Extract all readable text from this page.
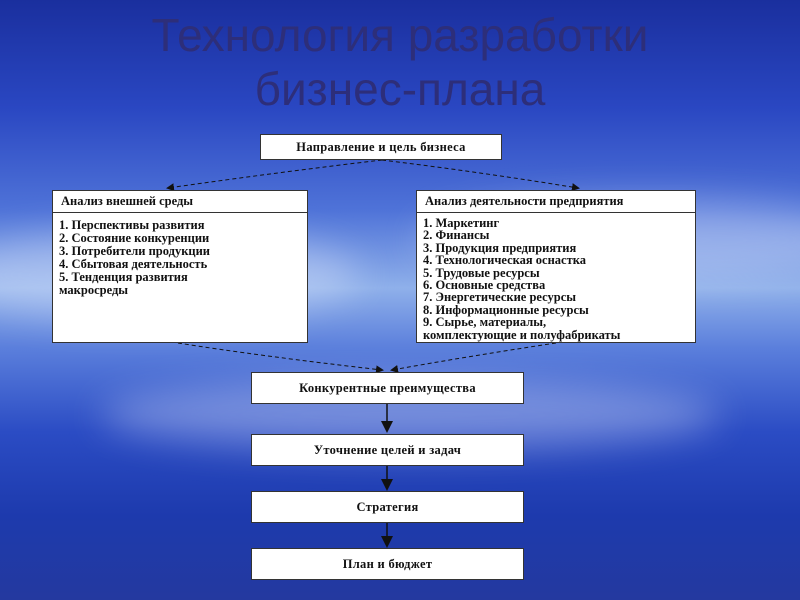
Технология разработки
бизнес-плана
Направление и цель бизнеса
Анализ внешней среды
1. Перспективы развития
2. Состояние конкуренции
3. Потребители продукции
4. Сбытовая деятельность
5. Тенденция развития
макросреды
Анализ деятельности предприятия
1. Маркетинг
2. Финансы
3. Продукция предприятия
4. Технологическая оснастка
5. Трудовые ресурсы
6. Основные средства
7. Энергетические ресурсы
8. Информационные ресурсы
9. Сырье, материалы,
комплектующие и полуфабрикаты
Конкурентные преимущества
Уточнение целей и задач
Стратегия
План и бюджет
